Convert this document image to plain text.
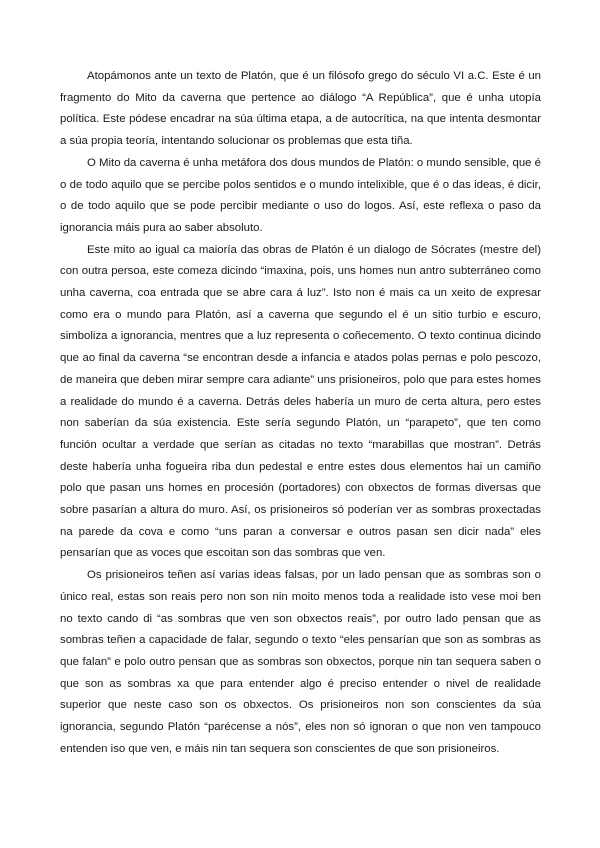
Atopámonos ante un texto de Platón, que é un filósofo grego do século VI a.C. Este é un fragmento do Mito da caverna que pertence ao diálogo “A República”, que é unha utopía política. Este pódese encadrar na súa última etapa, a de autocrítica, na que intenta desmontar a súa propia teoría, intentando solucionar os problemas que esta tiña.

O Mito da caverna é unha metáfora dos dous mundos de Platón: o mundo sensible, que é o de todo aquilo que se percibe polos sentidos e o mundo intelixible, que é o das ideas, é dicir, o de todo aquilo que se pode percibir mediante o uso do logos. Así, este reflexa o paso da ignorancia máis pura ao saber absoluto.

Este mito ao igual ca maioría das obras de Platón é un dialogo de Sócrates (mestre del) con outra persoa, este comeza dicindo “imaxina, pois, uns homes nun antro subterráneo como unha caverna, coa entrada que se abre cara á luz”. Isto non é mais ca un xeito de expresar como era o mundo para Platón, así a caverna que segundo el é un sitio turbio e escuro, simboliza a ignorancia, mentres que a luz representa o coñecemento. O texto continua dicindo que ao final da caverna “se encontran desde a infancia e atados polas pernas e polo pescozo, de maneira que deben mirar sempre cara adiante” uns prisioneiros, polo que para estes homes a realidade do mundo é a caverna. Detrás deles habería un muro de certa altura, pero estes non saberían da súa existencia. Este sería segundo Platón, un “parapeto”, que ten como función ocultar a verdade que serían as citadas no texto “marabillas que mostran”. Detrás deste habería unha fogueira riba dun pedestal e entre estes dous elementos hai un camiño polo que pasan uns homes en procesión (portadores) con obxectos de formas diversas que sobre pasarían a altura do muro. Así, os prisioneiros só poderían ver as sombras proxectadas na parede da cova e como “uns paran a conversar e outros pasan sen dicir nada” eles pensarían que as voces que escoitan son das sombras que ven.

Os prisioneiros teñen así varias ideas falsas, por un lado pensan que as sombras son o único real, estas son reais pero non son nin moito menos toda a realidade isto vese moi ben no texto cando di “as sombras que ven son obxectos reais”, por outro lado pensan que as sombras teñen a capacidade de falar, segundo o texto “eles pensarían que son as sombras as que falan” e polo outro pensan que as sombras son obxectos, porque nin tan sequera saben o que son as sombras xa que para entender algo é preciso entender o nivel de realidade superior que neste caso son os obxectos. Os prisioneiros non son conscientes da súa ignorancia, segundo Platón “parécense a nós”, eles non só ignoran o que non ven tampouco entenden iso que ven, e máis nin tan sequera son conscientes de que son prisioneiros.
